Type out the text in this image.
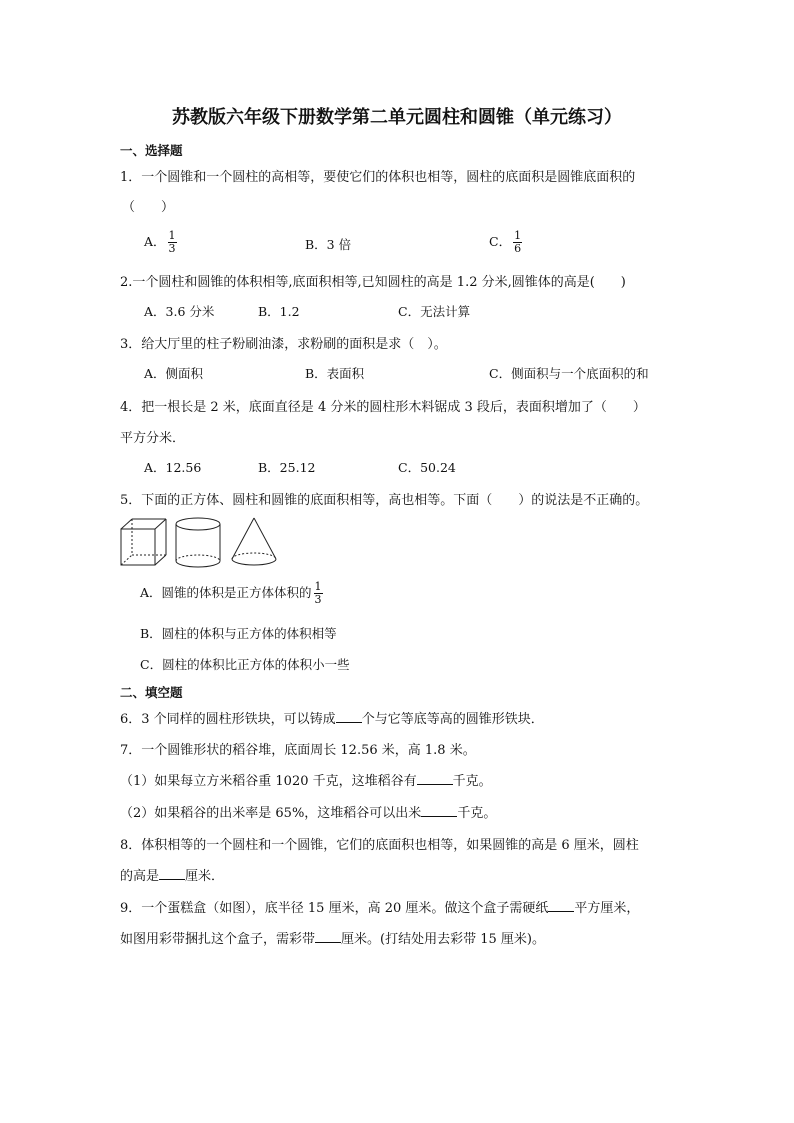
苏教版六年级下册数学第二单元圆柱和圆锥（单元练习）
一、选择题
1．一个圆锥和一个圆柱的高相等，要使它们的体积也相等，圆柱的底面积是圆锥底面积的
（　　）
A． $\frac{1}{3}$	B．3 倍	C． $\frac{1}{6}$
2.一个圆柱和圆锥的体积相等,底面积相等,已知圆柱的高是 1.2 分米,圆锥体的高是(　　)
A．3.6 分米	B．1.2	C．无法计算
3．给大厅里的柱子粉刷油漆，求粉刷的面积是求（　）。
A．侧面积	B．表面积	C．侧面积与一个底面积的和
4．把一根长是 2 米，底面直径是 4 分米的圆柱形木料锯成 3 段后，表面积增加了（　　）
平方分米．
A．12.56	B．25.12	C．50.24
5．下面的正方体、圆柱和圆锥的底面积相等，高也相等。下面（　　）的说法是不正确的。
A．圆锥的体积是正方体体积的 $\frac{1}{3}$
B．圆柱的体积与正方体的体积相等
C．圆柱的体积比正方体的体积小一些
二、填空题
6．3 个同样的圆柱形铁块，可以铸成 个与它等底等高的圆锥形铁块．
7．一个圆锥形状的稻谷堆，底面周长 12.56 米，高 1.8 米。
（1）如果每立方米稻谷重 1020 千克，这堆稻谷有	千克。
（2）如果稻谷的出米率是 65%，这堆稻谷可以出米	千克。
8．体积相等的一个圆柱和一个圆锥，它们的底面积也相等，如果圆锥的高是 6 厘米，圆柱
的高是 厘米．
9．一个蛋糕盒（如图），底半径 15 厘米，高 20 厘米。做这个盒子需硬纸 平方厘米，
如图用彩带捆扎这个盒子，需彩带 厘米。(打结处用去彩带 15 厘米)。
